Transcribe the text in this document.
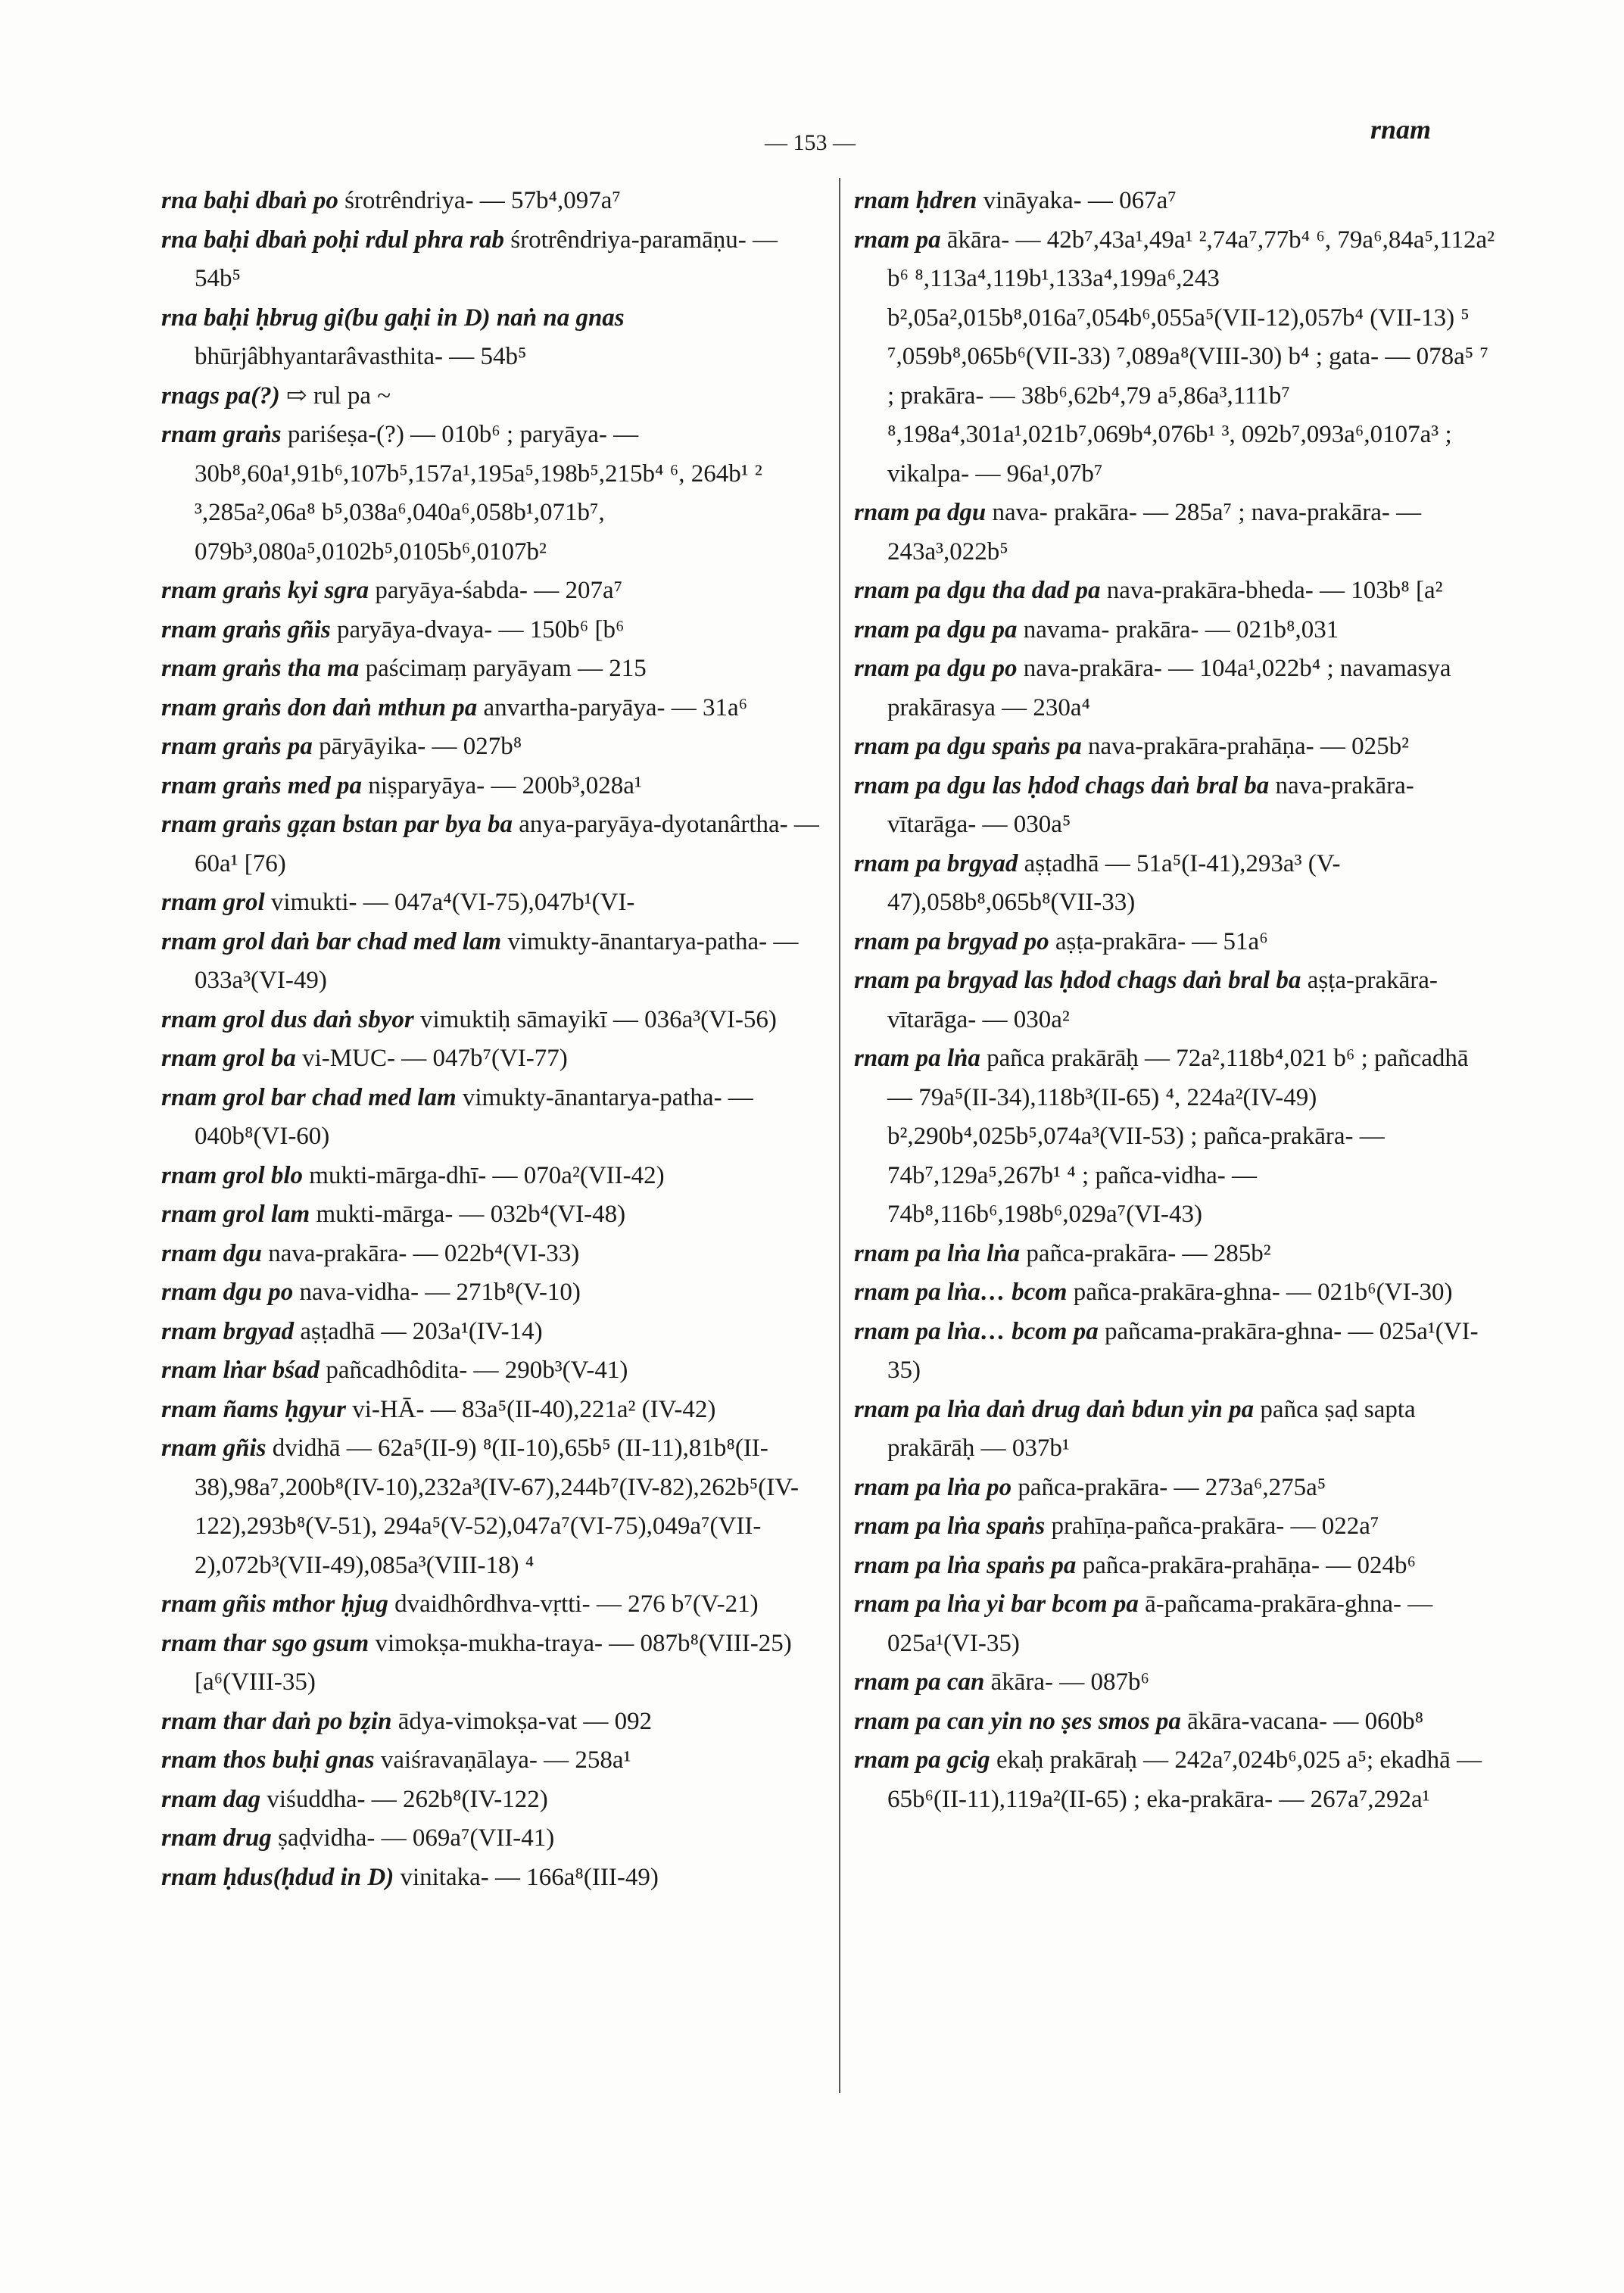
— 153 —	rnam

rna baḥi dbaṅ po śrotrêndriya- — 57b⁴,097a⁷

rna baḥi dbaṅ poḥi rdul phra rab śrotrêndriya-paramāṇu- — 54b⁵

rna baḥi ḥbrug gi(bu gaḥi in D) naṅ na gnas bhūrjâbhyantarâvasthita- — 54b⁵

rnags pa(?) ⇨ rul pa ~

rnam graṅs pariśeṣa-(?) — 010b⁶ ; paryāya- — 30b⁸,60a¹,91b⁶,107b⁵,157a¹,195a⁵,198b⁵,215b⁴ ⁶, 264b¹ ² ³,285a²,06a⁸ b⁵,038a⁶,040a⁶,058b¹,071b⁷, 079b³,080a⁵,0102b⁵,0105b⁶,0107b²

rnam graṅs kyi sgra paryāya-śabda- — 207a⁷

rnam graṅs gñis paryāya-dvaya- — 150b⁶ [b⁶

rnam graṅs tha ma paścimaṃ paryāyam — 215

rnam graṅs don daṅ mthun pa anvartha-paryāya- — 31a⁶

rnam graṅs pa pāryāyika- — 027b⁸

rnam graṅs med pa niṣparyāya- — 200b³,028a¹

rnam graṅs gẓan bstan par bya ba anya-paryāya-dyotanârtha- — 60a¹ [76)

rnam grol vimukti- — 047a⁴(VI-75),047b¹(VI-

rnam grol daṅ bar chad med lam vimukty-ānantarya-patha- — 033a³(VI-49)

rnam grol dus daṅ sbyor vimuktiḥ sāmayikī — 036a³(VI-56)

rnam grol ba vi-MUC- — 047b⁷(VI-77)

rnam grol bar chad med lam vimukty-ānantarya-patha- — 040b⁸(VI-60)

rnam grol blo mukti-mārga-dhī- — 070a²(VII-42)

rnam grol lam mukti-mārga- — 032b⁴(VI-48)

rnam dgu nava-prakāra- — 022b⁴(VI-33)

rnam dgu po nava-vidha- — 271b⁸(V-10)

rnam brgyad aṣṭadhā — 203a¹(IV-14)

rnam lṅar bśad pañcadhôdita- — 290b³(V-41)

rnam ñams ḥgyur vi-HĀ- — 83a⁵(II-40),221a² (IV-42)

rnam gñis dvidhā — 62a⁵(II-9) ⁸(II-10),65b⁵ (II-11),81b⁸(II-38),98a⁷,200b⁸(IV-10),232a³(IV-67),244b⁷(IV-82),262b⁵(IV-122),293b⁸(V-51), 294a⁵(V-52),047a⁷(VI-75),049a⁷(VII-2),072b³(VII-49),085a³(VIII-18) ⁴

rnam gñis mthor ḥjug dvaidhôrdhva-vṛtti- — 276 b⁷(V-21)

rnam thar sgo gsum vimokṣa-mukha-traya- — 087b⁸(VIII-25) [a⁶(VIII-35)

rnam thar daṅ po bẓin ādya-vimokṣa-vat — 092

rnam thos buḥi gnas vaiśravaṇālaya- — 258a¹

rnam dag viśuddha- — 262b⁸(IV-122)

rnam drug ṣaḍvidha- — 069a⁷(VII-41)

rnam ḥdus(ḥdud in D) vinitaka- — 166a⁸(III-49)

rnam ḥdren vināyaka- — 067a⁷

rnam pa ākāra- — 42b⁷,43a¹,49a¹ ²,74a⁷,77b⁴ ⁶, 79a⁶,84a⁵,112a² b⁶ ⁸,113a⁴,119b¹,133a⁴,199a⁶,243 b²,05a²,015b⁸,016a⁷,054b⁶,055a⁵(VII-12),057b⁴ (VII-13) ⁵ ⁷,059b⁸,065b⁶(VII-33) ⁷,089a⁸(VIII-30) b⁴ ; gata- — 078a⁵ ⁷ ; prakāra- — 38b⁶,62b⁴,79 a⁵,86a³,111b⁷ ⁸,198a⁴,301a¹,021b⁷,069b⁴,076b¹ ³, 092b⁷,093a⁶,0107a³ ; vikalpa- — 96a¹,07b⁷

rnam pa dgu nava- prakāra- — 285a⁷ ; nava-prakāra- — 243a³,022b⁵

rnam pa dgu tha dad pa nava-prakāra-bheda- — 103b⁸ [a²

rnam pa dgu pa navama- prakāra- — 021b⁸,031

rnam pa dgu po nava-prakāra- — 104a¹,022b⁴ ; navamasya prakārasya — 230a⁴

rnam pa dgu spaṅs pa nava-prakāra-prahāṇa- — 025b²

rnam pa dgu las ḥdod chags daṅ bral ba nava-prakāra-vītarāga- — 030a⁵

rnam pa brgyad aṣṭadhā — 51a⁵(I-41),293a³ (V-47),058b⁸,065b⁸(VII-33)

rnam pa brgyad po aṣṭa-prakāra- — 51a⁶

rnam pa brgyad las ḥdod chags daṅ bral ba aṣṭa-prakāra-vītarāga- — 030a²

rnam pa lṅa pañca prakārāḥ — 72a²,118b⁴,021 b⁶ ; pañcadhā — 79a⁵(II-34),118b³(II-65) ⁴, 224a²(IV-49) b²,290b⁴,025b⁵,074a³(VII-53) ; pañca-prakāra- — 74b⁷,129a⁵,267b¹ ⁴ ; pañca-vidha- — 74b⁸,116b⁶,198b⁶,029a⁷(VI-43)

rnam pa lṅa lṅa pañca-prakāra- — 285b²

rnam pa lṅa… bcom pañca-prakāra-ghna- — 021b⁶(VI-30)

rnam pa lṅa… bcom pa pañcama-prakāra-ghna- — 025a¹(VI-35)

rnam pa lṅa daṅ drug daṅ bdun yin pa pañca ṣaḍ sapta prakārāḥ — 037b¹

rnam pa lṅa po pañca-prakāra- — 273a⁶,275a⁵

rnam pa lṅa spaṅs prahīṇa-pañca-prakāra- — 022a⁷

rnam pa lṅa spaṅs pa pañca-prakāra-prahāṇa- — 024b⁶

rnam pa lṅa yi bar bcom pa ā-pañcama-prakāra-ghna- — 025a¹(VI-35)

rnam pa can ākāra- — 087b⁶

rnam pa can yin no ṣes smos pa ākāra-vacana- — 060b⁸

rnam pa gcig ekaḥ prakāraḥ — 242a⁷,024b⁶,025 a⁵; ekadhā — 65b⁶(II-11),119a²(II-65) ; eka-prakāra- — 267a⁷,292a¹
